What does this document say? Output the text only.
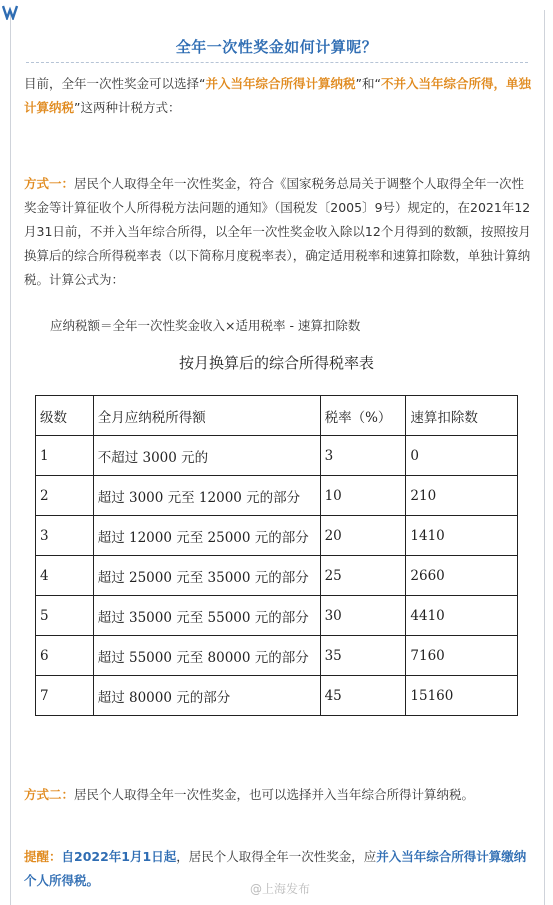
全年一次性奖金如何计算呢？
目前，全年一次性奖金可以选择“并入当年综合所得计算纳税”和“不并入当年综合所得，单独计算纳税”这两种计税方式：
方式一：居民个人取得全年一次性奖金，符合《国家税务总局关于调整个人取得全年一次性奖金等计算征收个人所得税方法问题的通知》（国税发〔2005〕9号）规定的，在2021年12月31日前，不并入当年综合所得，以全年一次性奖金收入除以12个月得到的数额，按照按月换算后的综合所得税率表（以下简称月度税率表），确定适用税率和速算扣除数，单独计算纳税。计算公式为：
应纳税额＝全年一次性奖金收入×适用税率 - 速算扣除数
按月换算后的综合所得税率表
级数	全月应纳税所得额	税率（%）	速算扣除数
1	不超过 3000 元的	3	0
2	超过 3000 元至 12000 元的部分	10	210
3	超过 12000 元至 25000 元的部分	20	1410
4	超过 25000 元至 35000 元的部分	25	2660
5	超过 35000 元至 55000 元的部分	30	4410
6	超过 55000 元至 80000 元的部分	35	7160
7	超过 80000 元的部分	45	15160
方式二：居民个人取得全年一次性奖金，也可以选择并入当年综合所得计算纳税。
提醒：自2022年1月1日起，居民个人取得全年一次性奖金，应并入当年综合所得计算缴纳个人所得税。
@上海发布
